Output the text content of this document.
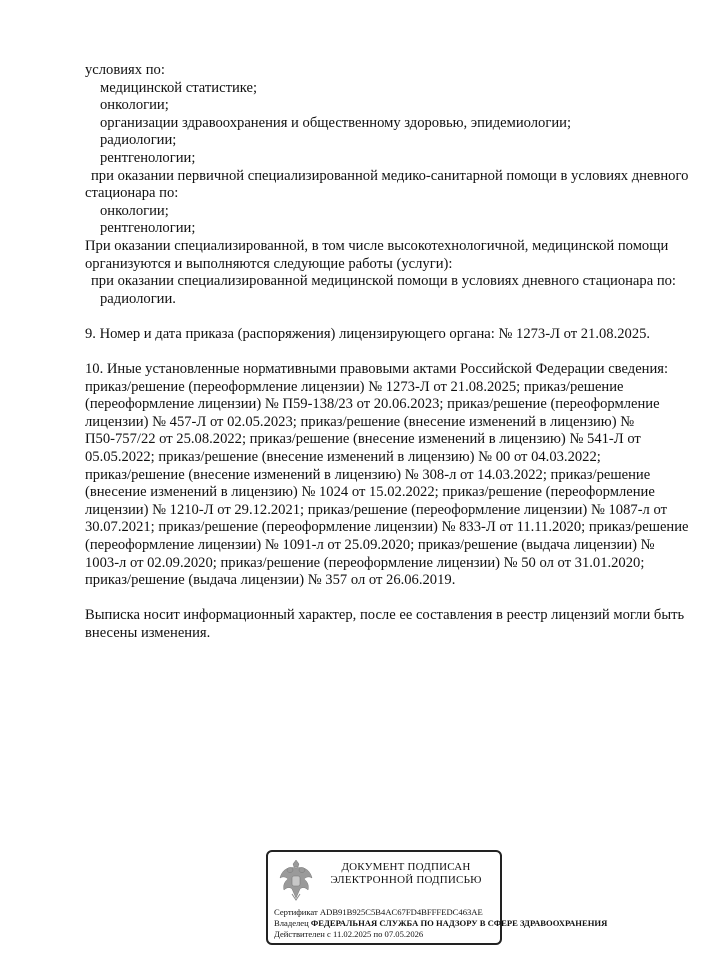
условиях по:
медицинской статистике;
онкологии;
организации здравоохранения и общественному здоровью, эпидемиологии;
радиологии;
рентгенологии;
при оказании первичной специализированной медико-санитарной помощи в условиях дневного
стационара по:
онкологии;
рентгенологии;
При оказании специализированной, в том числе высокотехнологичной, медицинской помощи
организуются и выполняются следующие работы (услуги):
при оказании специализированной медицинской помощи в условиях дневного стационара по:
радиологии.
9. Номер и дата приказа (распоряжения) лицензирующего органа: № 1273-Л от 21.08.2025.
10. Иные установленные нормативными правовыми актами Российской Федерации сведения:
приказ/решение (переоформление лицензии) № 1273-Л от 21.08.2025; приказ/решение
(переоформление лицензии) № П59-138/23 от 20.06.2023; приказ/решение (переоформление
лицензии) № 457-Л от 02.05.2023; приказ/решение (внесение изменений в лицензию) №
П50-757/22 от 25.08.2022; приказ/решение (внесение изменений в лицензию) № 541-Л от
05.05.2022; приказ/решение (внесение изменений в лицензию) № 00 от 04.03.2022;
приказ/решение (внесение изменений в лицензию) № 308-л от 14.03.2022; приказ/решение
(внесение изменений в лицензию) № 1024 от 15.02.2022; приказ/решение (переоформление
лицензии) № 1210-Л от 29.12.2021; приказ/решение (переоформление лицензии) № 1087-л от
30.07.2021; приказ/решение (переоформление лицензии) № 833-Л от 11.11.2020; приказ/решение
(переоформление лицензии) № 1091-л от 25.09.2020; приказ/решение (выдача лицензии) №
1003-л от 02.09.2020; приказ/решение (переоформление лицензии) № 50 ол от 31.01.2020;
приказ/решение (выдача лицензии) № 357 ол от 26.06.2019.
Выписка носит информационный характер, после ее составления в реестр лицензий могли быть
внесены изменения.
ДОКУМЕНТ ПОДПИСАН
ЭЛЕКТРОННОЙ ПОДПИСЬЮ
Сертификат ADB91B925C5B4AC67FD4BFFFEDC463AE
Владелец ФЕДЕРАЛЬНАЯ СЛУЖБА ПО НАДЗОРУ В СФЕРЕ ЗДРАВООХРАНЕНИЯ
Действителен с 11.02.2025 по 07.05.2026
